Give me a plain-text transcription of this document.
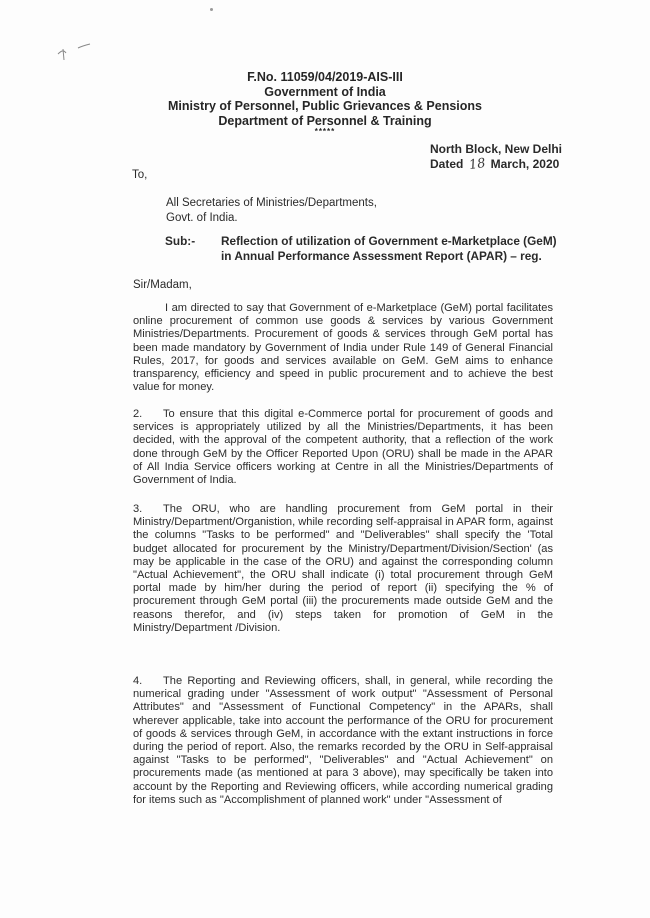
F.No. 11059/04/2019-AIS-III
Government of India
Ministry of Personnel, Public Grievances & Pensions
Department of Personnel & Training
*****
North Block, New Delhi
Dated 18 March, 2020
To,
All Secretaries of Ministries/Departments,
Govt. of India.
Sub:- Reflection of utilization of Government e-Marketplace (GeM)
in Annual Performance Assessment Report (APAR) – reg.
Sir/Madam,
I am directed to say that Government of e-Marketplace (GeM) portal facilitates online procurement of common use goods & services by various Government Ministries/Departments. Procurement of goods & services through GeM portal has been made mandatory by Government of India under Rule 149 of General Financial Rules, 2017, for goods and services available on GeM. GeM aims to enhance transparency, efficiency and speed in public procurement and to achieve the best value for money.
2. To ensure that this digital e-Commerce portal for procurement of goods and services is appropriately utilized by all the Ministries/Departments, it has been decided, with the approval of the competent authority, that a reflection of the work done through GeM by the Officer Reported Upon (ORU) shall be made in the APAR of All India Service officers working at Centre in all the Ministries/Departments of Government of India.
3. The ORU, who are handling procurement from GeM portal in their Ministry/Department/Organistion, while recording self-appraisal in APAR form, against the columns "Tasks to be performed" and "Deliverables" shall specify the 'Total budget allocated for procurement by the Ministry/Department/Division/Section' (as may be applicable in the case of the ORU) and against the corresponding column "Actual Achievement", the ORU shall indicate (i) total procurement through GeM portal made by him/her during the period of report (ii) specifying the % of procurement through GeM portal (iii) the procurements made outside GeM and the reasons therefor, and (iv) steps taken for promotion of GeM in the Ministry/Department /Division.
4. The Reporting and Reviewing officers, shall, in general, while recording the numerical grading under "Assessment of work output" "Assessment of Personal Attributes" and "Assessment of Functional Competency" in the APARs, shall wherever applicable, take into account the performance of the ORU for procurement of goods & services through GeM, in accordance with the extant instructions in force during the period of report. Also, the remarks recorded by the ORU in Self-appraisal against "Tasks to be performed", "Deliverables" and "Actual Achievement" on procurements made (as mentioned at para 3 above), may specifically be taken into account by the Reporting and Reviewing officers, while according numerical grading for items such as "Accomplishment of planned work" under "Assessment of
